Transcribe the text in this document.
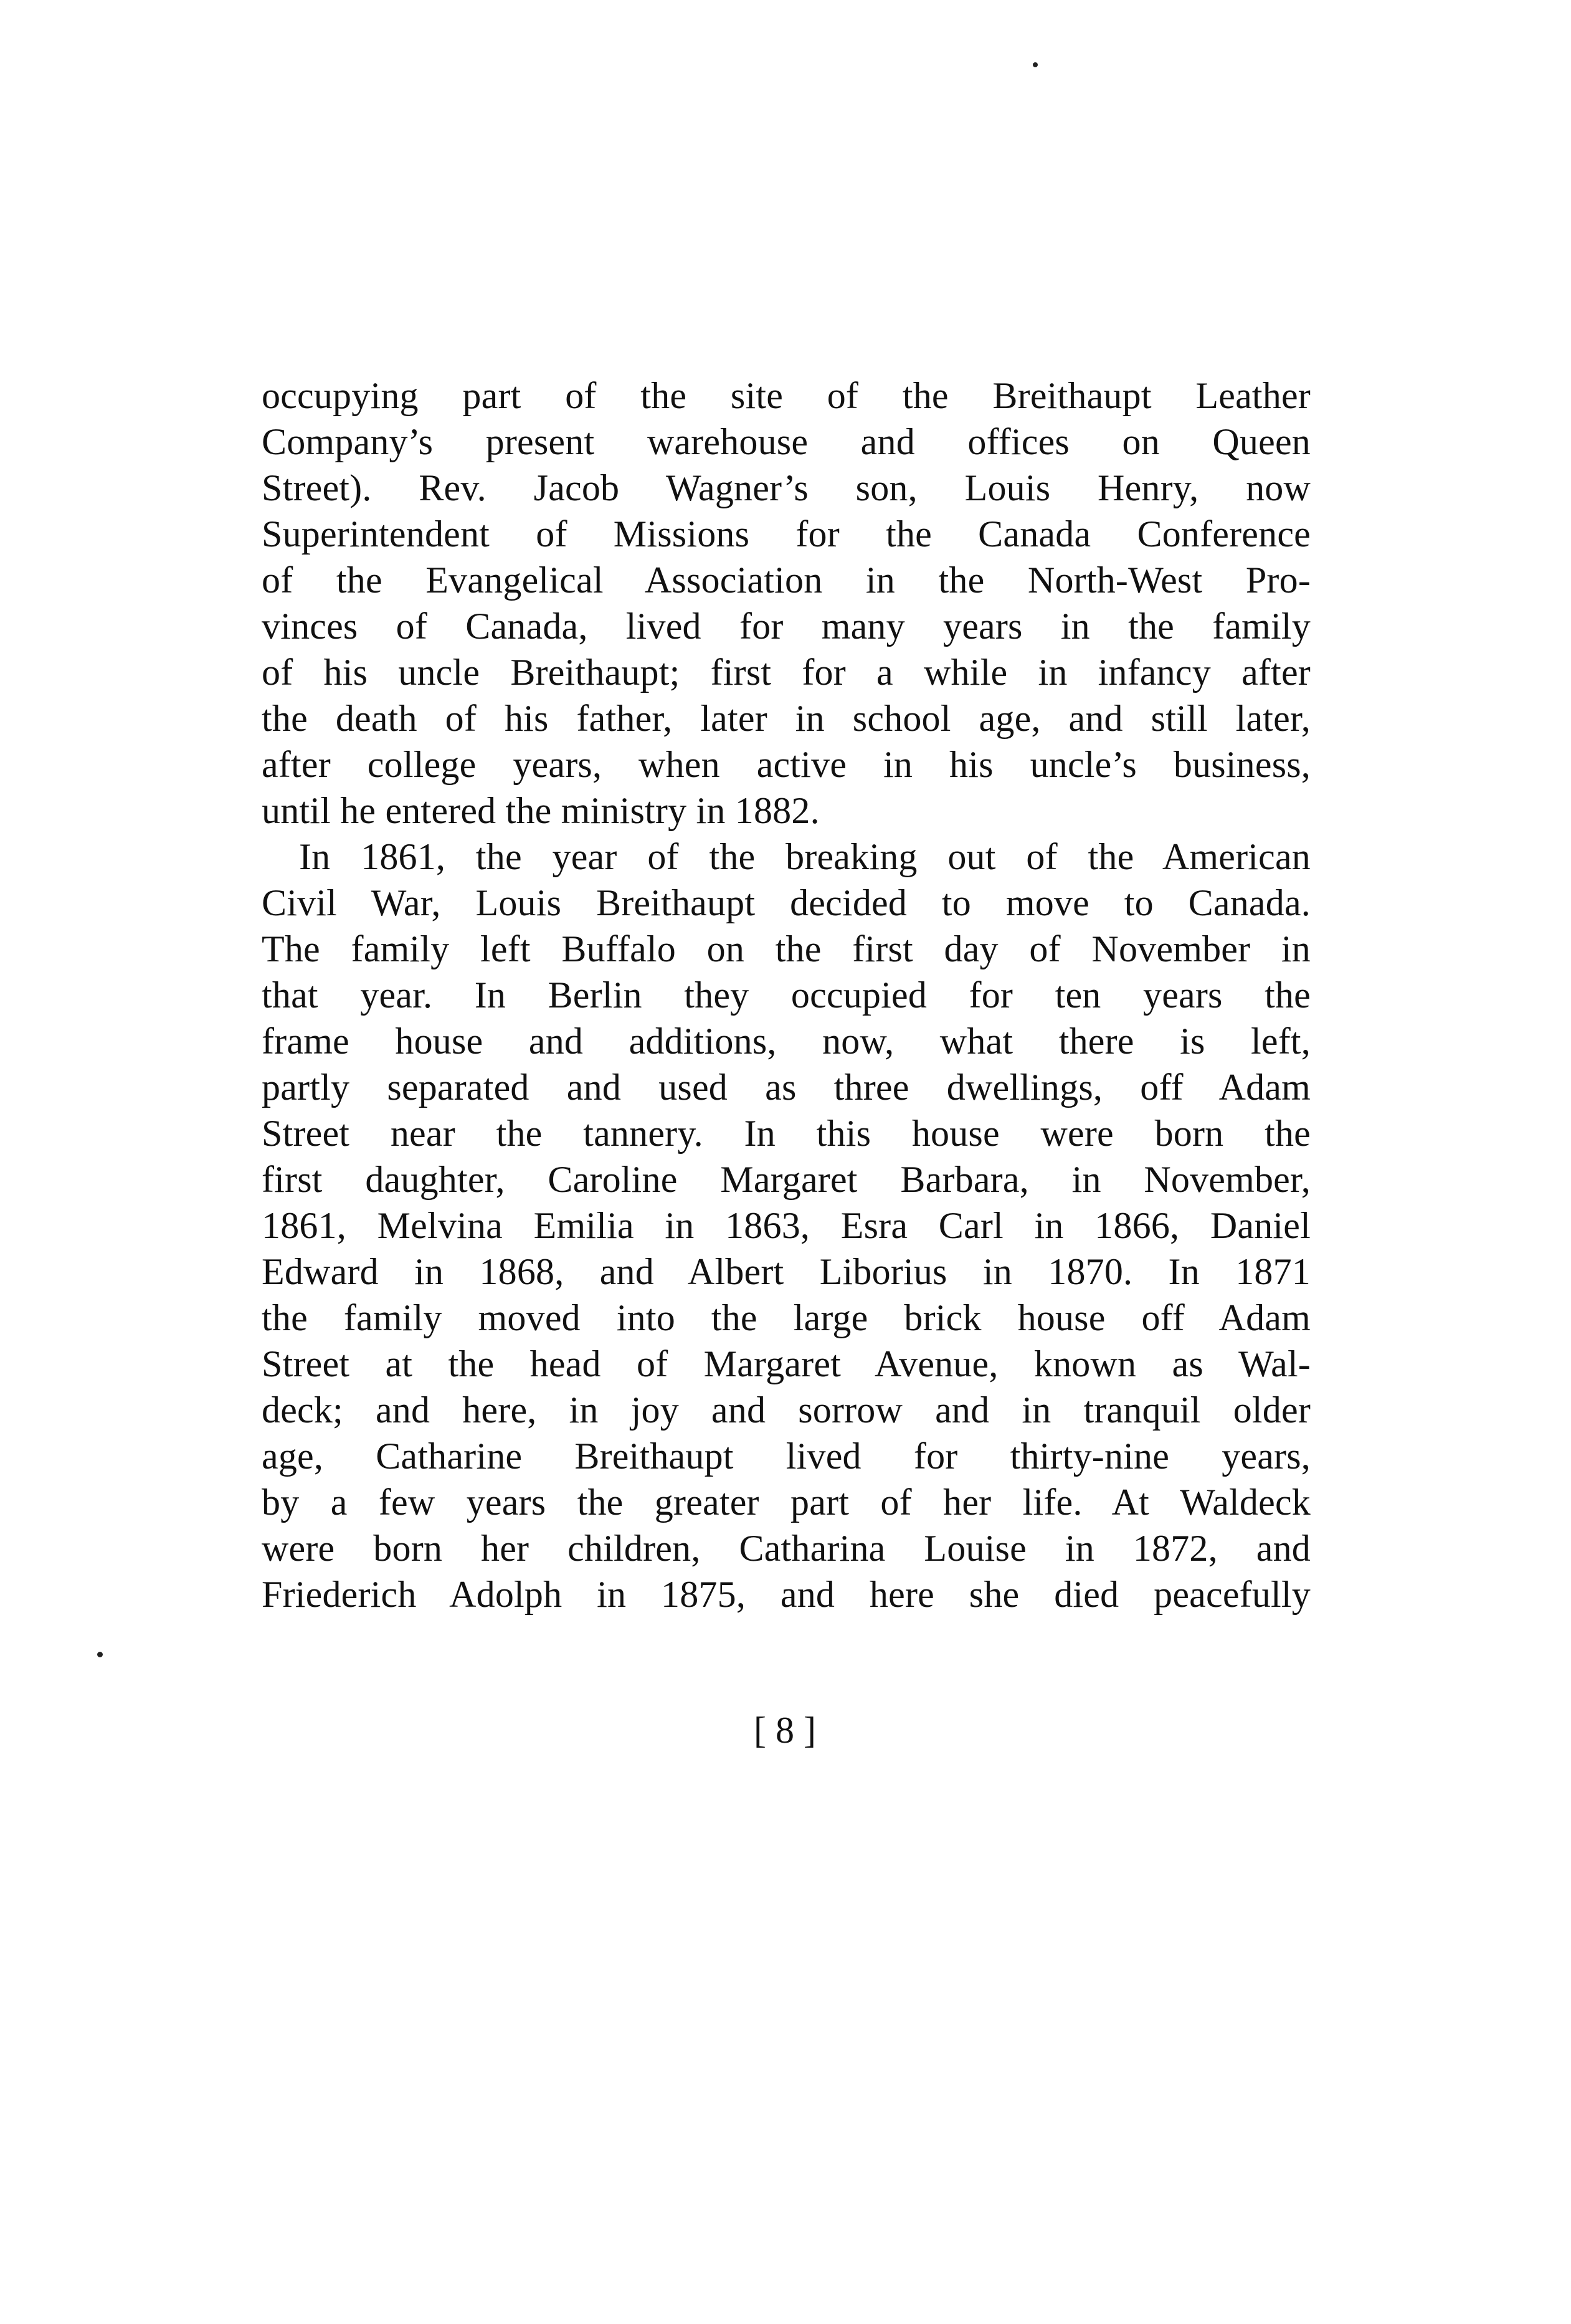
occupying part of the site of the Breithaupt Leather
Company’s present warehouse and offices on Queen
Street). Rev. Jacob Wagner’s son, Louis Henry, now
Superintendent of Missions for the Canada Conference
of the Evangelical Association in the North-West Pro-
vinces of Canada, lived for many years in the family
of his uncle Breithaupt; first for a while in infancy after
the death of his father, later in school age, and still later,
after college years, when active in his uncle’s business,
until he entered the ministry in 1882.
In 1861, the year of the breaking out of the American
Civil War, Louis Breithaupt decided to move to Canada.
The family left Buffalo on the first day of November in
that year. In Berlin they occupied for ten years the
frame house and additions, now, what there is left,
partly separated and used as three dwellings, off Adam
Street near the tannery. In this house were born the
first daughter, Caroline Margaret Barbara, in November,
1861, Melvina Emilia in 1863, Esra Carl in 1866, Daniel
Edward in 1868, and Albert Liborius in 1870. In 1871
the family moved into the large brick house off Adam
Street at the head of Margaret Avenue, known as Wal-
deck; and here, in joy and sorrow and in tranquil older
age, Catharine Breithaupt lived for thirty-nine years,
by a few years the greater part of her life. At Waldeck
were born her children, Catharina Louise in 1872, and
Friederich Adolph in 1875, and here she died peacefully
[ 8 ]
